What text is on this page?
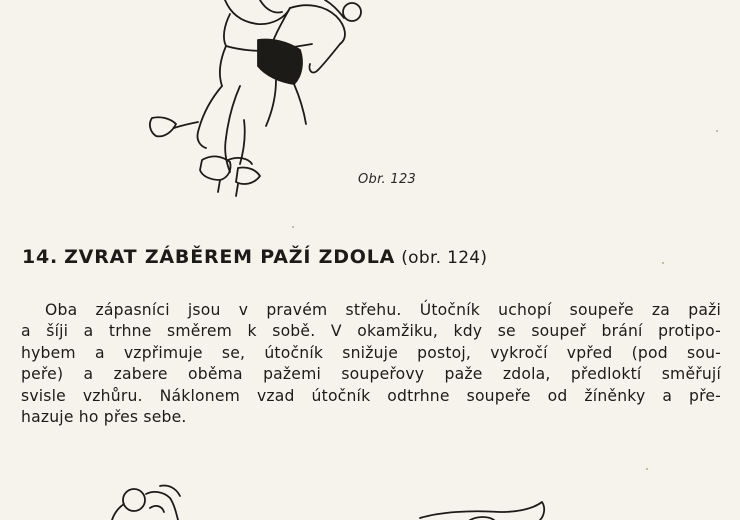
Obr. 123
14. ZVRAT ZÁBĚREM PAŽÍ ZDOLA (obr. 124)
Oba zápasníci jsou v pravém střehu. Útočník uchopí soupeře za paži
a šíji a trhne směrem k sobě. V okamžiku, kdy se soupeř brání protipo-
hybem a vzpřimuje se, útočník snižuje postoj, vykročí vpřed (pod sou-
peře) a zabere oběma pažemi soupeřovy paže zdola, předloktí směřují
svisle vzhůru. Náklonem vzad útočník odtrhne soupeře od žíněnky a pře-
hazuje ho přes sebe.
